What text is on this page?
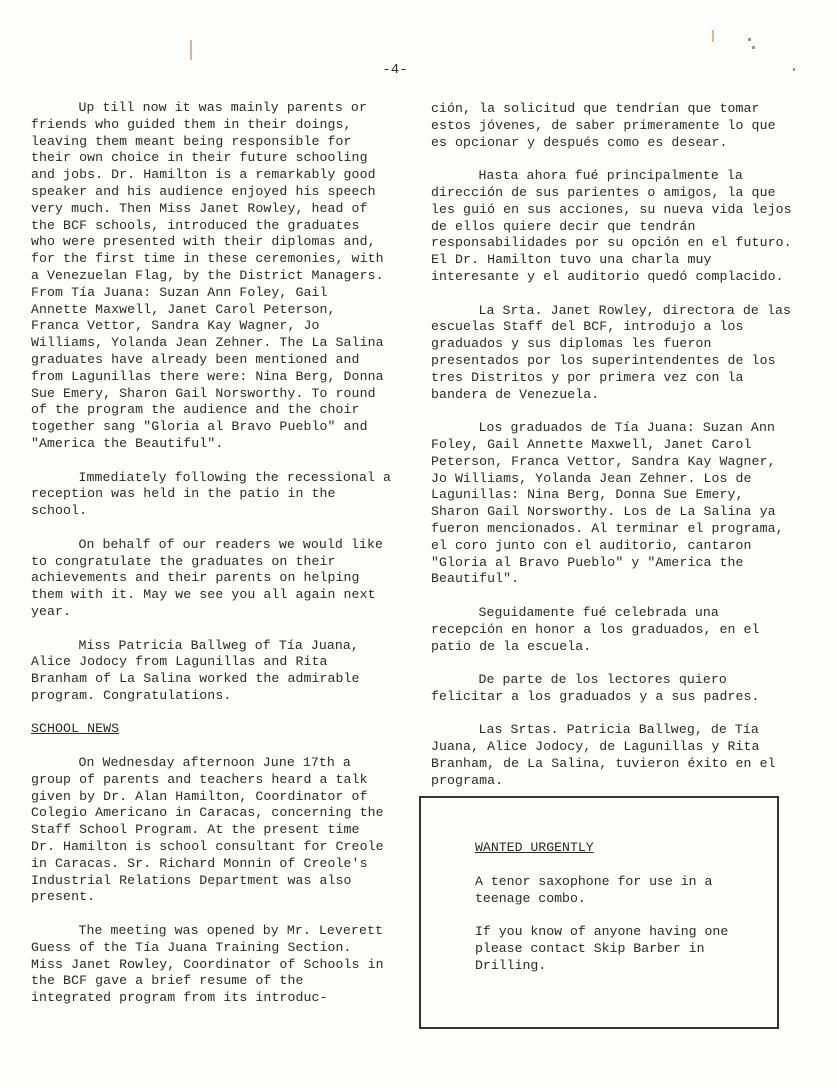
-4-

Up till now it was mainly parents or friends who guided them in their doings, leaving them meant being responsible for their own choice in their future schooling and jobs. Dr. Hamilton is a remarkably good speaker and his audience enjoyed his speech very much. Then Miss Janet Rowley, head of the BCF schools, introduced the graduates who were presented with their diplomas and, for the first time in these ceremonies, with a Venezuelan Flag, by the District Managers. From Tía Juana: Suzan Ann Foley, Gail Annette Maxwell, Janet Carol Peterson, Franca Vettor, Sandra Kay Wagner, Jo Williams, Yolanda Jean Zehner. The La Salina graduates have already been mentioned and from Lagunillas there were: Nina Berg, Donna Sue Emery, Sharon Gail Norsworthy. To round of the program the audience and the choir together sang "Gloria al Bravo Pueblo" and "America the Beautiful".

Immediately following the recessional a reception was held in the patio in the school.

On behalf of our readers we would like to congratulate the graduates on their achievements and their parents on helping them with it. May we see you all again next year.

Miss Patricia Ballweg of Tía Juana, Alice Jodocy from Lagunillas and Rita Branham of La Salina worked the admirable program. Congratulations.

SCHOOL NEWS

On Wednesday afternoon June 17th a group of parents and teachers heard a talk given by Dr. Alan Hamilton, Coordinator of Colegio Americano in Caracas, concerning the Staff School Program. At the present time Dr. Hamilton is school consultant for Creole in Caracas. Sr. Richard Monnin of Creole's Industrial Relations Department was also present.

The meeting was opened by Mr. Leverett Guess of the Tía Juana Training Section. Miss Janet Rowley, Coordinator of Schools in the BCF gave a brief resume of the integrated program from its introduc-

ción, la solicitud que tendrían que tomar estos jóvenes, de saber primeramente lo que es opcionar y después como es desear.

Hasta ahora fué principalmente la dirección de sus parientes o amigos, la que les guió en sus acciones, su nueva vida lejos de ellos quiere decir que tendrán responsabilidades por su opción en el futuro. El Dr. Hamilton tuvo una charla muy interesante y el auditorio quedó complacido.

La Srta. Janet Rowley, directora de las escuelas Staff del BCF, introdujo a los graduados y sus diplomas les fueron presentados por los superintendentes de los tres Distritos y por primera vez con la bandera de Venezuela.

Los graduados de Tía Juana: Suzan Ann Foley, Gail Annette Maxwell, Janet Carol Peterson, Franca Vettor, Sandra Kay Wagner, Jo Williams, Yolanda Jean Zehner. Los de Lagunillas: Nina Berg, Donna Sue Emery, Sharon Gail Norsworthy. Los de La Salina ya fueron mencionados. Al terminar el programa, el coro junto con el auditorio, cantaron "Gloria al Bravo Pueblo" y "America the Beautiful".

Seguidamente fué celebrada una recepción en honor a los graduados, en el patio de la escuela.

De parte de los lectores quiero felicitar a los graduados y a sus padres.

Las Srtas. Patricia Ballweg, de Tía Juana, Alice Jodocy, de Lagunillas y Rita Branham, de La Salina, tuvieron éxito en el programa.

WANTED URGENTLY

A tenor saxophone for use in a teenage combo.

If you know of anyone having one please contact Skip Barber in Drilling.
